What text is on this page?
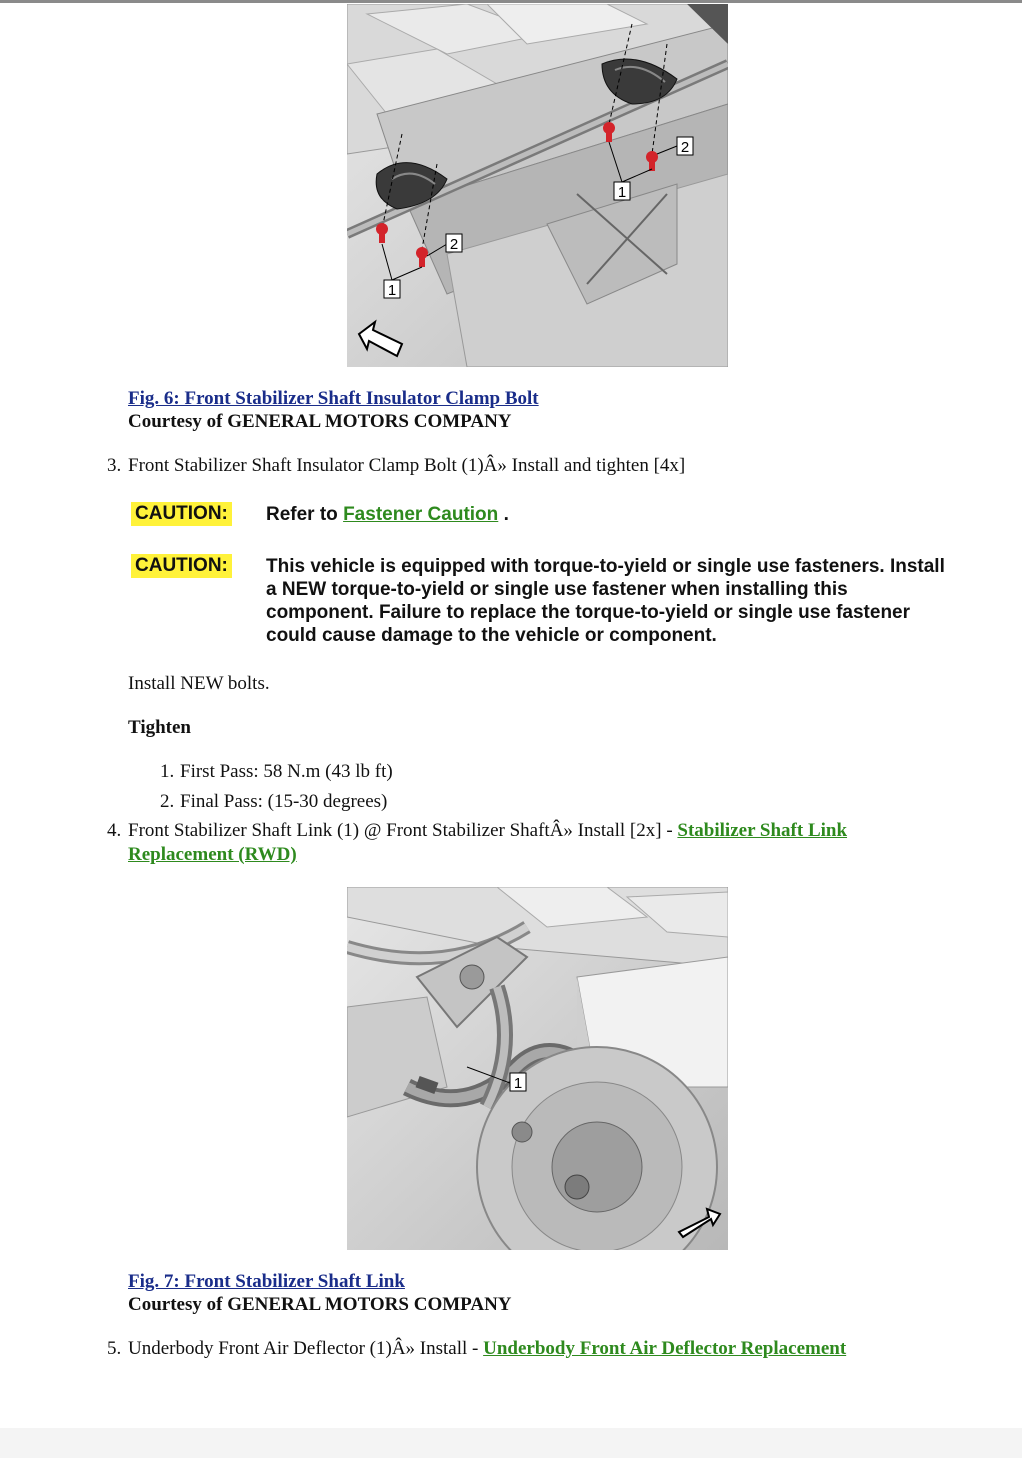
1
2
1
2
Fig. 6: Front Stabilizer Shaft Insulator Clamp Bolt
Courtesy of GENERAL MOTORS COMPANY
3. Front Stabilizer Shaft Insulator Clamp Bolt (1)Â» Install and tighten [4x]
CAUTION: Refer to Fastener Caution .
CAUTION: This vehicle is equipped with torque-to-yield or single use fasteners. Install a NEW torque-to-yield or single use fastener when installing this component. Failure to replace the torque-to-yield or single use fastener could cause damage to the vehicle or component.
Install NEW bolts.
Tighten
1. First Pass: 58 N.m (43 lb ft)
2. Final Pass: (15-30 degrees)
4. Front Stabilizer Shaft Link (1) @ Front Stabilizer ShaftÂ» Install [2x] - Stabilizer Shaft Link
Replacement (RWD)
1
Fig. 7: Front Stabilizer Shaft Link
Courtesy of GENERAL MOTORS COMPANY
5. Underbody Front Air Deflector (1)Â» Install - Underbody Front Air Deflector Replacement
